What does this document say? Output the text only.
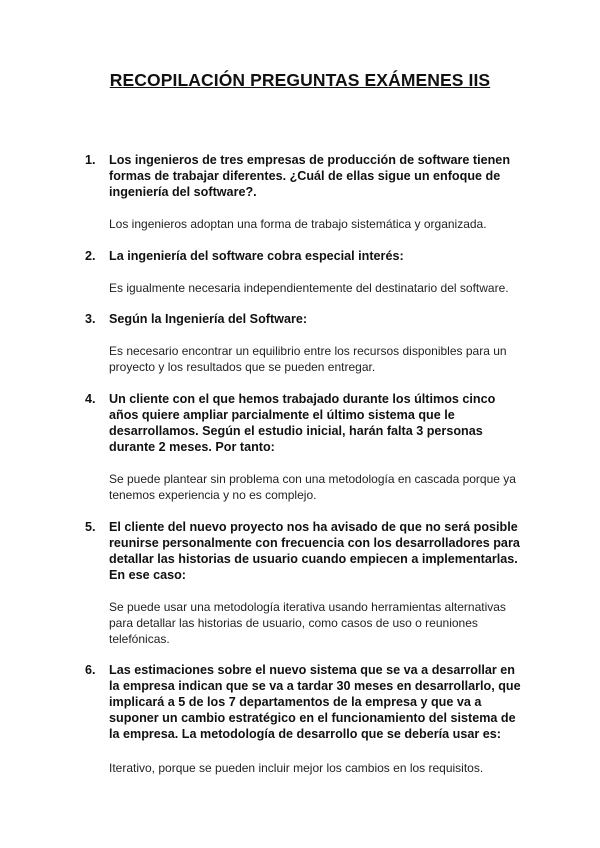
RECOPILACIÓN PREGUNTAS EXÁMENES IIS
1.	Los ingenieros de tres empresas de producción de software tienen formas de trabajar diferentes. ¿Cuál de ellas sigue un enfoque de ingeniería del software?.
Los ingenieros adoptan una forma de trabajo sistemática y organizada.
2.	La ingeniería del software cobra especial interés:
Es igualmente necesaria independientemente del destinatario del software.
3.	Según la Ingeniería del Software:
Es necesario encontrar un equilibrio entre los recursos disponibles para un proyecto y los resultados que se pueden entregar.
4.	Un cliente con el que hemos trabajado durante los últimos cinco años quiere ampliar parcialmente el último sistema que le desarrollamos. Según el estudio inicial, harán falta 3 personas durante 2 meses. Por tanto:
Se puede plantear sin problema con una metodología en cascada porque ya tenemos experiencia y no es complejo.
5.	El cliente del nuevo proyecto nos ha avisado de que no será posible reunirse personalmente con frecuencia con los desarrolladores para detallar las historias de usuario cuando empiecen a implementarlas. En ese caso:
Se puede usar una metodología iterativa usando herramientas alternativas para detallar las historias de usuario, como casos de uso o reuniones telefónicas.
6.	Las estimaciones sobre el nuevo sistema que se va a desarrollar en la empresa indican que se va a tardar 30 meses en desarrollarlo, que implicará a 5 de los 7 departamentos de la empresa y que va a suponer un cambio estratégico en el funcionamiento del sistema de la empresa. La metodología de desarrollo que se debería usar es:
Iterativo, porque se pueden incluir mejor los cambios en los requisitos.
